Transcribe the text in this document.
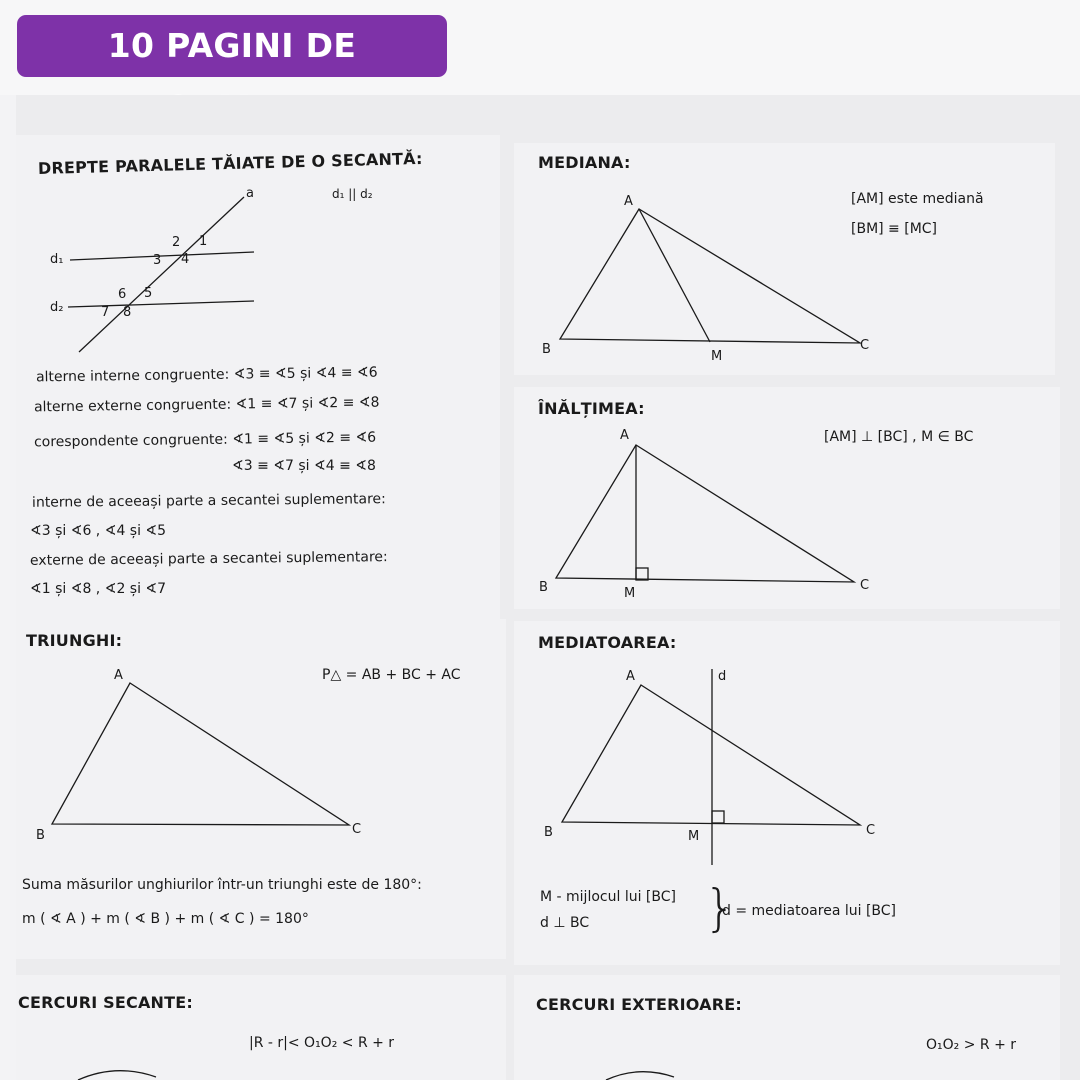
10 PAGINI DE
DREPTE PARALELE TĂIATE DE O SECANTĂ:
a
d₁
d₂
1
2
3 4
5
6
7 8
d₁ || d₂
alterne interne congruente: ∢3 ≡ ∢5 și ∢4 ≡ ∢6
alterne externe congruente: ∢1 ≡ ∢7 și ∢2 ≡ ∢8
corespondente congruente: ∢1 ≡ ∢5 și ∢2 ≡ ∢6
∢3 ≡ ∢7 și ∢4 ≡ ∢8
interne de aceeași parte a secantei suplementare:
∢3 și ∢6 , ∢4 și ∢5
externe de aceeași parte a secantei suplementare:
∢1 și ∢8 , ∢2 și ∢7
MEDIANA:
A
B	C
M
[AM] este mediană
[BM] ≡ [MC]
ÎNĂLȚIMEA:
A
B	C
M
[AM] ⊥ [BC] , M ∈ BC
TRIUNGHI:
A
B	C
P△ = AB + BC + AC
Suma măsurilor unghiurilor într-un triunghi este de 180°:
m ( ∢ A ) + m ( ∢ B ) + m ( ∢ C ) = 180°
MEDIATOAREA:
A
B	C
M
d
M - mijlocul lui [BC]
d ⊥ BC }
d = mediatoarea lui [BC]
CERCURI SECANTE:
|R - r|< O₁O₂ < R + r
CERCURI EXTERIOARE:
O₁O₂ > R + r
